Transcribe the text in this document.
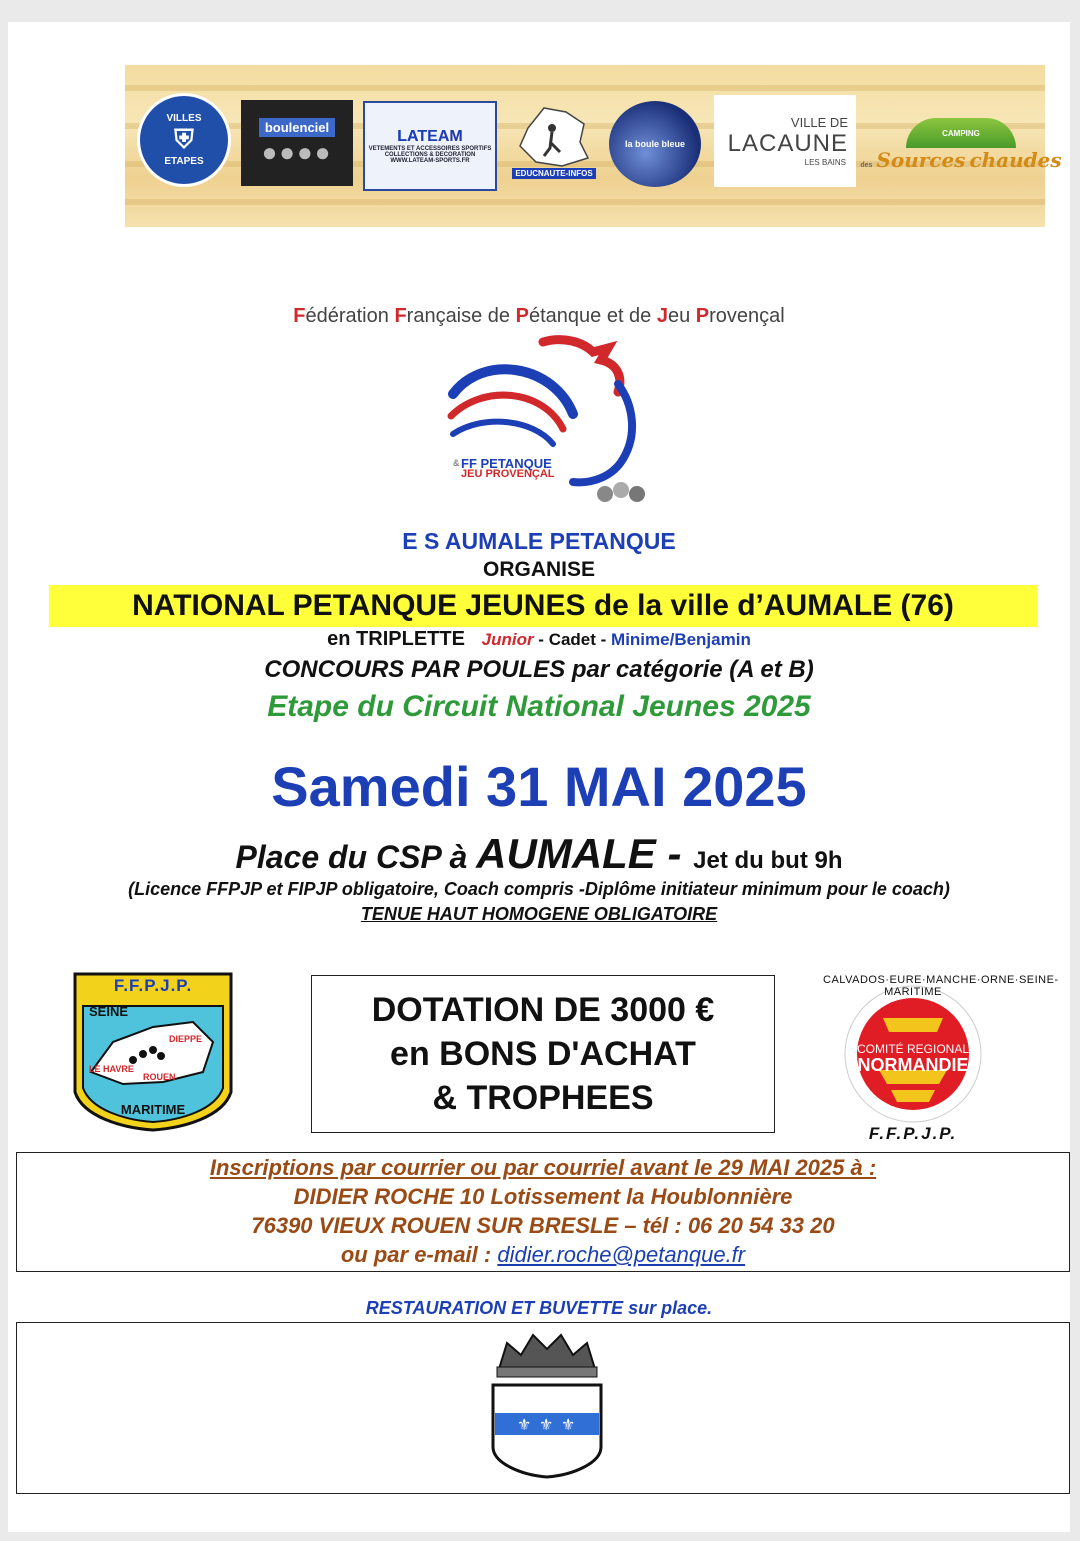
VILLES
⛨
ETAPES
boulenciel
●●●●
LATEAM
VETEMENTS ET ACCESSOIRES SPORTIFS
COLLECTIONS & DECORATION
WWW.LATEAM-SPORTS.FR
EDUCNAUTE-INFOS
la boule bleue
VILLE DE
LACAUNE
LES BAINS
CAMPING
des Sources chaudes
Fédération Française de Pétanque et de Jeu Provençal
& FF PETANQUE
JEU PROVENÇAL
E S AUMALE PETANQUE
ORGANISE
NATIONAL PETANQUE JEUNES de la ville d’AUMALE (76)
en TRIPLETTE Junior - Cadet - Minime/Benjamin
CONCOURS PAR POULES par catégorie (A et B)
Etape du Circuit National Jeunes 2025
Samedi 31 MAI 2025
Place du CSP à AUMALE - Jet du but 9h
(Licence FFPJP et FIPJP obligatoire, Coach compris -Diplôme initiateur minimum pour le coach)
TENUE HAUT HOMOGENE OBLIGATOIRE
F.F.P.J.P.
SEINE
DIEPPE
LE HAVRE
ROUEN
MARITIME
DOTATION DE 3000 €
en BONS D'ACHAT
& TROPHEES
CALVADOS·EURE·MANCHE·ORNE·SEINE-MARITIME
COMITÉ REGIONAL
NORMANDIE
F.F.P.J.P.
Inscriptions par courrier ou par courriel avant le 29 MAI 2025 à :
DIDIER ROCHE 10 Lotissement la Houblonnière
76390 VIEUX ROUEN SUR BRESLE – tél : 06 20 54 33 20
ou par e-mail : didier.roche@petanque.fr
RESTAURATION ET BUVETTE sur place.
⚜ ⚜ ⚜
